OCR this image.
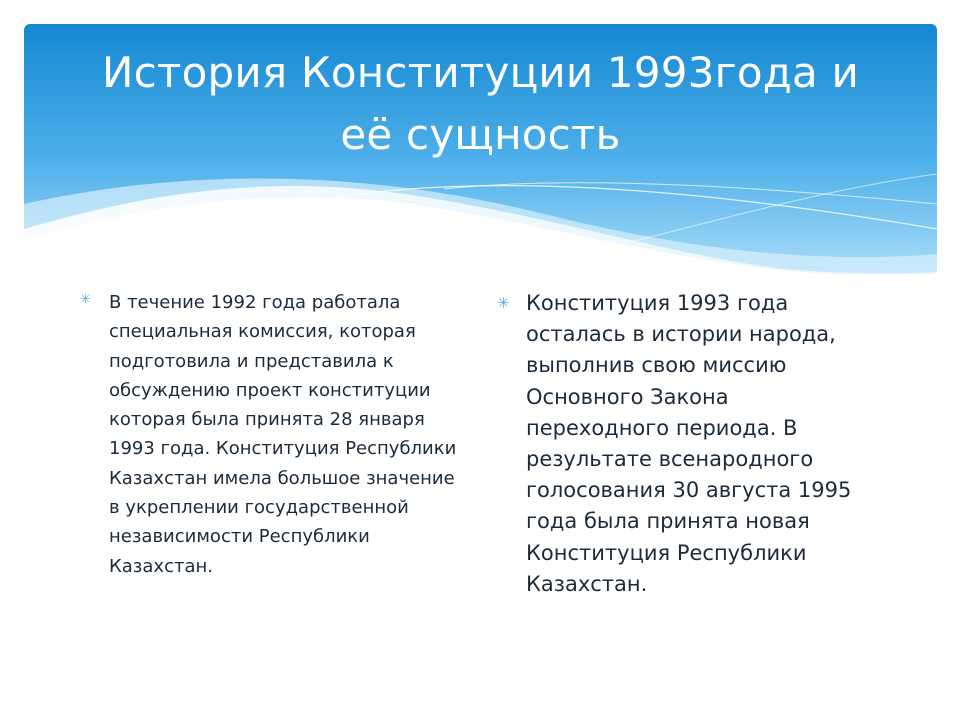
История Конституции 1993года и
её сущность
✳	В течение 1992 года работала специальная комиссия, которая подготовила и представила к обсуждению проект конституции которая была принята 28 января 1993 года. Конституция Республики Казахстан имела большое значение в укреплении государственной независимости Республики Казахстан.

✳ Конституция 1993 года осталась в истории народа, выполнив свою миссию Основного Закона переходного периода. В результате всенародного голосования 30 августа 1995 года была принята новая Конституция Республики Казахстан.
